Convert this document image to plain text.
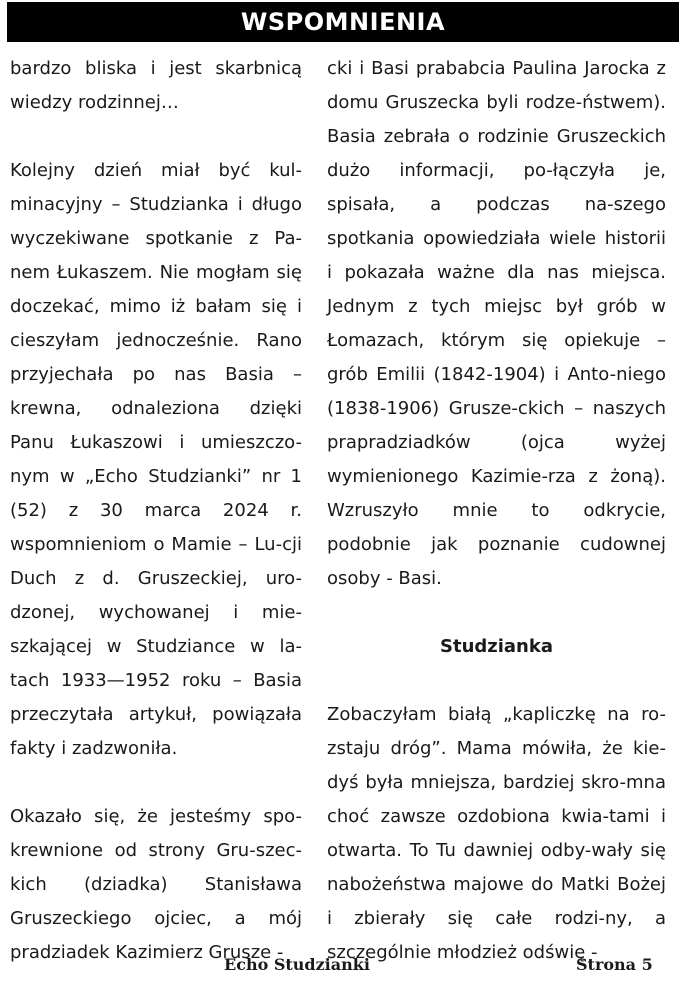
WSPOMNIENIA

bardzo bliska i jest skarbnicą wiedzy rodzinnej…

Kolejny dzień miał być kul-minacyjny – Studzianka i długo wyczekiwane spotkanie z Pa-nem Łukaszem. Nie mogłam się doczekać, mimo iż bałam się i cieszyłam jednocześnie. Rano przyjechała po nas Basia – krewna, odnaleziona dzięki Panu Łukaszowi i umieszczo-nym w „Echo Studzianki” nr 1 (52) z 30 marca 2024 r. wspomnieniom o Mamie – Lu-cji Duch z d. Gruszeckiej, uro-dzonej, wychowanej i mie-szkającej w Studziance w la-tach 1933—1952 roku – Basia przeczytała artykuł, powiązała fakty i zadzwoniła.

Okazało się, że jesteśmy spo-krewnione od strony Gru-szec-kich (dziadka) Stanisława Gruszeckiego ojciec, a mój pradziadek Kazimierz Grusze -

cki i Basi prababcia Paulina Jarocka z domu Gruszecka byli rodze-ństwem). Basia zebrała o rodzinie Gruszeckich dużo informacji, po-łączyła je, spisała, a podczas na-szego spotkania opowiedziała wiele historii i pokazała ważne dla nas miejsca. Jednym z tych miejsc był grób w Łomazach, którym się opiekuje – grób Emilii (1842-1904) i Anto-niego (1838-1906) Grusze-ckich – naszych prapradziadków (ojca wyżej wymienionego Kazimie-rza z żoną). Wzruszyło mnie to odkrycie, podobnie jak poznanie cudownej osoby - Basi.

Studzianka

Zobaczyłam białą „kapliczkę na ro-zstaju dróg”. Mama mówiła, że kie-dyś była mniejsza, bardziej skro-mna choć zawsze ozdobiona kwia-tami i otwarta. To Tu dawniej odby-wały się nabożeństwa majowe do Matki Bożej i zbierały się całe rodzi-ny, a szczególnie młodzież odświę -

Echo Studzianki	Strona 5
